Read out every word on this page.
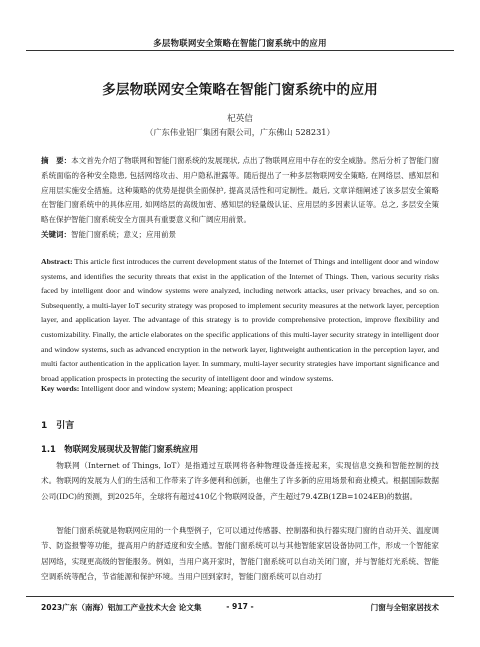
多层物联网安全策略在智能门窗系统中的应用
多层物联网安全策略在智能门窗系统中的应用
杞英信
（广东伟业铝厂集团有限公司，广东佛山 528231）
摘　要：本文首先介绍了物联网和智能门窗系统的发展现状, 点出了物联网应用中存在的安全威胁。然后分析了智能门窗系统面临的各种安全隐患, 包括网络攻击、用户隐私泄露等。随后提出了一种多层物联网安全策略, 在网络层、感知层和应用层实施安全措施。这种策略的优势是提供全面保护, 提高灵活性和可定制性。最后, 文章详细阐述了该多层安全策略在智能门窗系统中的具体应用, 如网络层的高级加密、感知层的轻量级认证、应用层的多因素认证等。总之, 多层安全策略在保护智能门窗系统安全方面具有重要意义和广阔应用前景。
关键词：智能门窗系统；意义；应用前景
Abstract: This article first introduces the current development status of the Internet of Things and intelligent door and window systems, and identifies the security threats that exist in the application of the Internet of Things. Then, various security risks faced by intelligent door and window systems were analyzed, including network attacks, user privacy breaches, and so on. Subsequently, a multi-layer IoT security strategy was proposed to implement security measures at the network layer, perception layer, and application layer. The advantage of this strategy is to provide comprehensive protection, improve flexibility and customizability. Finally, the article elaborates on the specific applications of this multi-layer security strategy in intelligent door and window systems, such as advanced encryption in the network layer, lightweight authentication in the perception layer, and multi factor authentication in the application layer. In summary, multi-layer security strategies have important significance and broad application prospects in protecting the security of intelligent door and window systems.
Key words: Intelligent door and window system; Meaning; application prospect
1　引言
1.1　物联网发展现状及智能门窗系统应用
物联网（Internet of Things, IoT）是指通过互联网将各种物理设备连接起来，实现信息交换和智能控制的技术。物联网的发展为人们的生活和工作带来了许多便利和创新，也催生了许多新的应用场景和商业模式。根据国际数据公司(IDC)的预测，到2025年，全球将有超过410亿个物联网设备，产生超过79.4ZB(1ZB=1024EB)的数据。
智能门窗系统就是物联网应用的一个典型例子，它可以通过传感器、控制器和执行器实现门窗的自动开关、温度调节、防盗报警等功能，提高用户的舒适度和安全感。智能门窗系统可以与其他智能家居设备协同工作，形成一个智能家居网络，实现更高级的智能服务。例如，当用户离开家时，智能门窗系统可以自动关闭门窗，并与智能灯光系统、智能空调系统等配合，节省能源和保护环境。当用户回到家时，智能门窗系统可以自动打
2023广东（南海）铝加工产业技术大会 论文集	- 917 -	门窗与全铝家居技术
